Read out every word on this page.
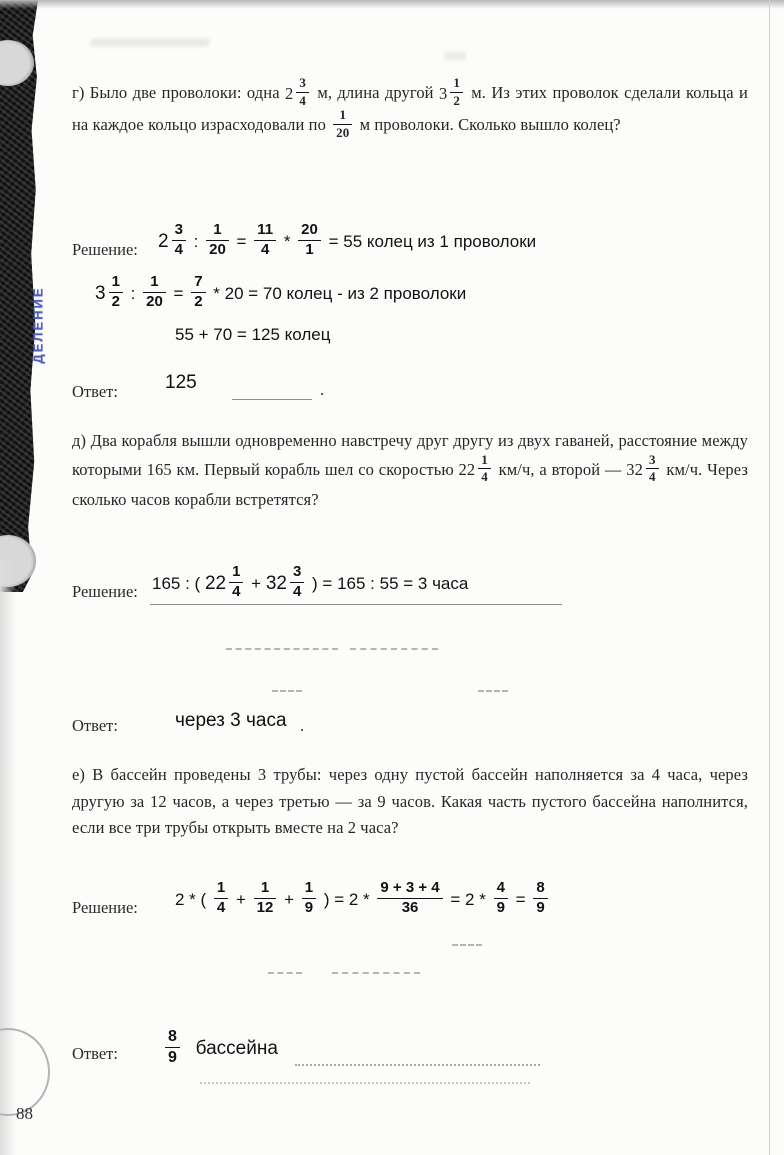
ДЕЛЕНИЕ

г) Было две проволоки: одна $2 \frac{3}{4} м$, длина другой $3 \frac{1}{2} м$. Из этих проволок сделали кольца и на каждое кольцо израсходовали по $\frac{1}{20}$ м проволоки. Сколько вышло колец?

Решение: $2 \frac{3}{4}$ : $\frac{1}{20} = \frac{11}{4} * \frac{20}{1} = 55$ колец из 1 проволоки
$3 \frac{1}{2}$ : $\frac{1}{20} = \frac{7}{2} * 20 = 70$ колец - из 2 проволоки
55 + 70 = 125 колец
Ответ: 125	.

д) Два корабля вышли одновременно навстречу друг другу из двух гаваней, расстояние между которыми 165 км. Первый корабль шел со скоростью $22 \frac{1}{4} км/ч$, а второй — $32 \frac{3}{4} км/ч$. Через сколько часов корабли встретятся?

Решение: 165 : ( $22 \frac{1}{4} + 32 \frac{3}{4}$ ) = 165 : 55 = 3 часа
Ответ:	через 3 часа .

е) В бассейн проведены 3 трубы: через одну пустой бассейн наполняется за 4 часа, через другую за 12 часов, а через третью — за 9 часов. Какая часть пустого бассейна наполнится, если все три трубы открыть вместе на 2 часа?

Решение: 2 * ( $\frac{1}{4} + \frac{1}{12} + \frac{1}{9}$ ) = $2 * \frac{9 + 3 + 4}{36} = 2 * \frac{4}{9} = \frac{8}{9}$
Ответ:	$\frac{8}{9}$ бассейна
88
